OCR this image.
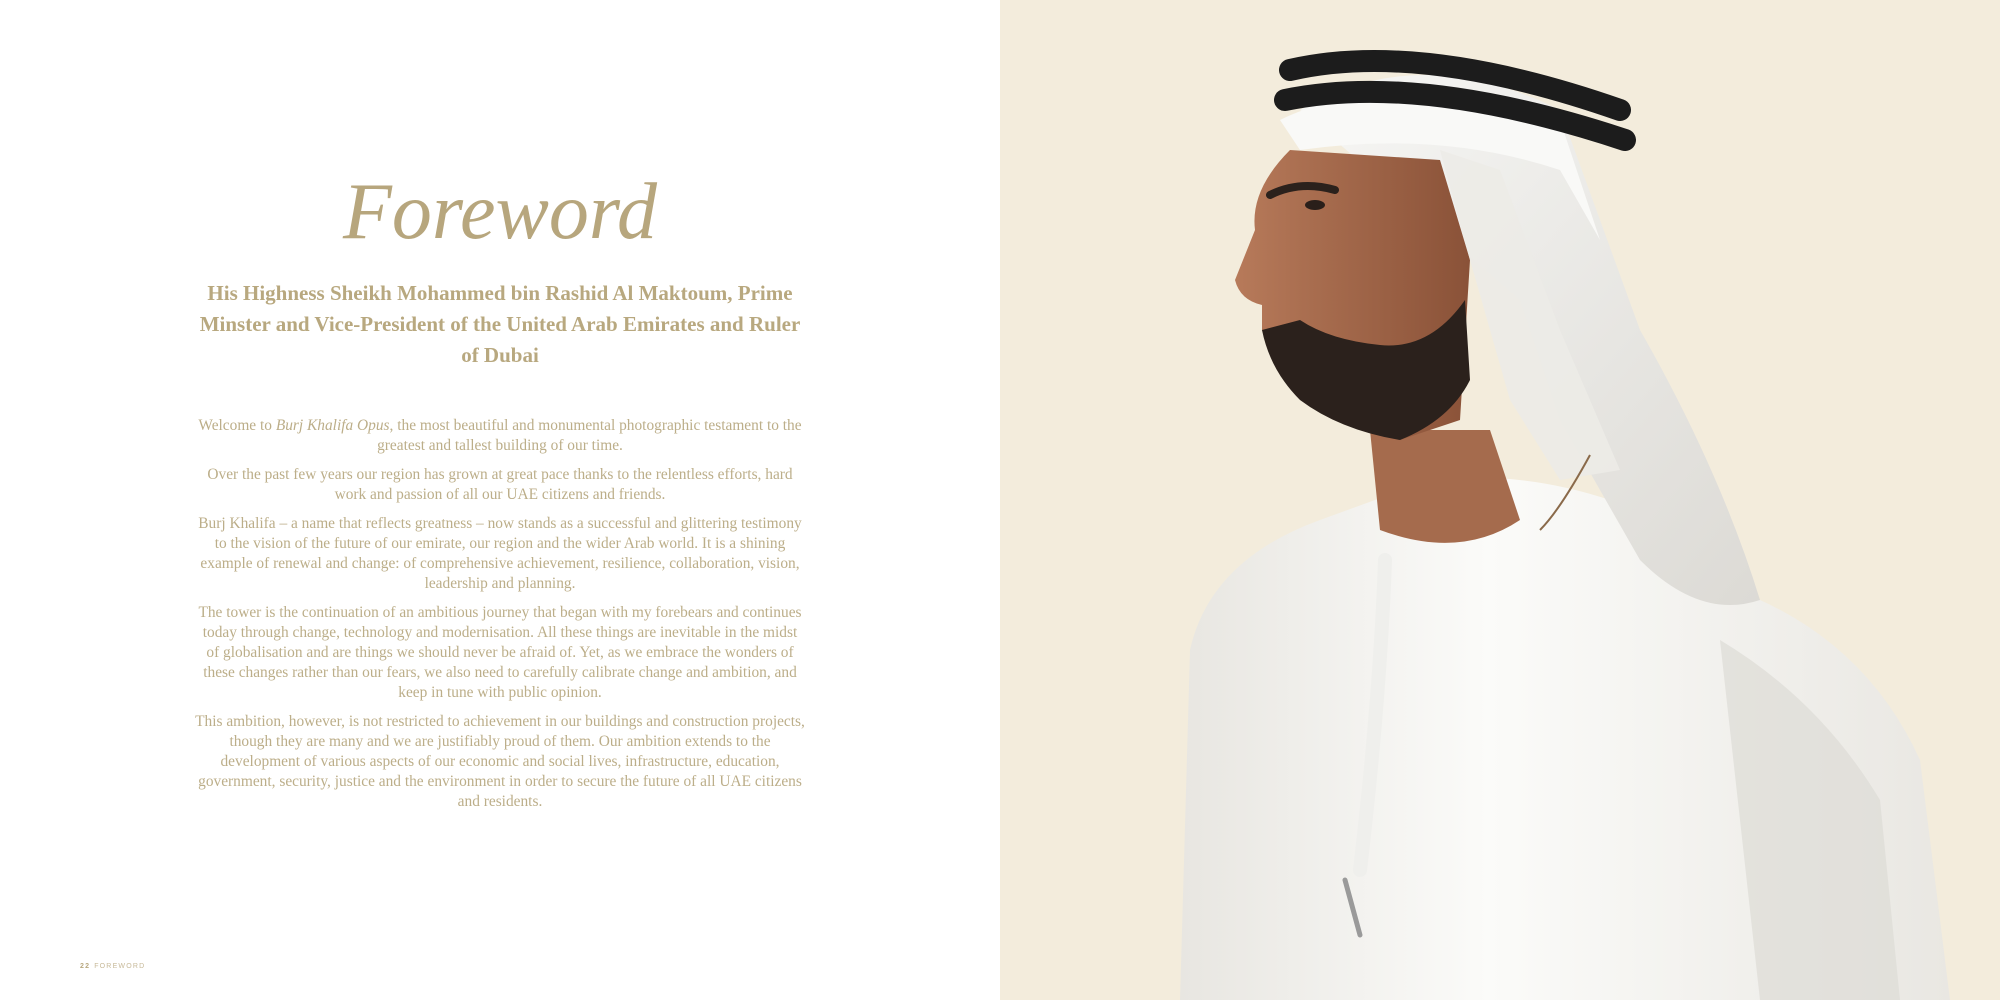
Foreword
His Highness Sheikh Mohammed bin Rashid Al Maktoum, Prime Minster and Vice-President of the United Arab Emirates and Ruler of Dubai

Welcome to Burj Khalifa Opus, the most beautiful and monumental photographic testament to the greatest and tallest building of our time.

Over the past few years our region has grown at great pace thanks to the relentless efforts, hard work and passion of all our UAE citizens and friends.

Burj Khalifa – a name that reflects greatness – now stands as a successful and glittering testimony to the vision of the future of our emirate, our region and the wider Arab world. It is a shining example of renewal and change: of comprehensive achievement, resilience, collaboration, vision, leadership and planning.

The tower is the continuation of an ambitious journey that began with my forebears and continues today through change, technology and modernisation. All these things are inevitable in the midst of globalisation and are things we should never be afraid of. Yet, as we embrace the wonders of these changes rather than our fears, we also need to carefully calibrate change and ambition, and keep in tune with public opinion.

This ambition, however, is not restricted to achievement in our buildings and construction projects, though they are many and we are justifiably proud of them. Our ambition extends to the development of various aspects of our economic and social lives, infrastructure, education, government, security, justice and the environment in order to secure the future of all UAE citizens and residents.

22 FOREWORD
